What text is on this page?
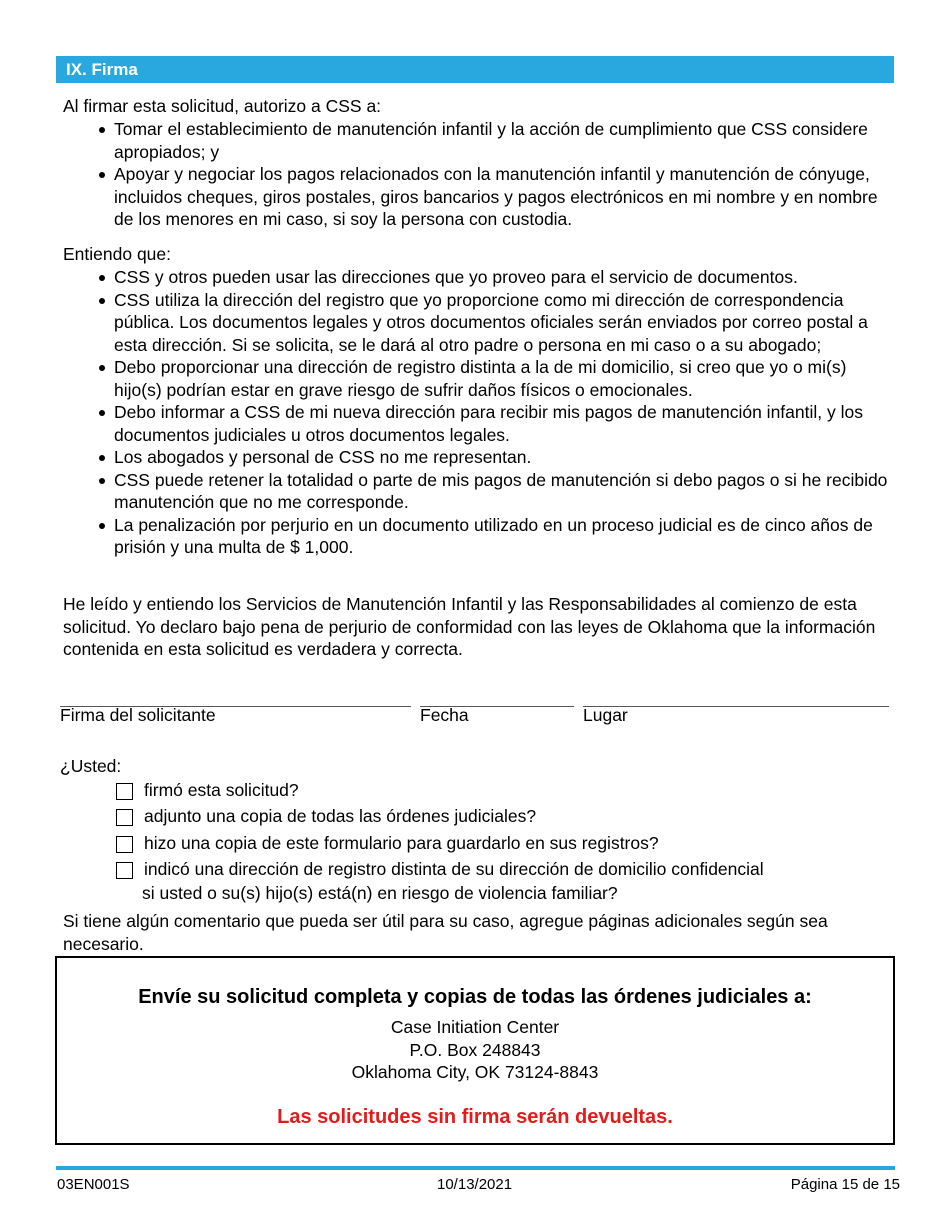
IX. Firma

Al firmar esta solicitud, autorizo a CSS a:

Tomar el establecimiento de manutención infantil y la acción de cumplimiento que CSS considere apropiados; y
Apoyar y negociar los pagos relacionados con la manutención infantil y manutención de cónyuge, incluidos cheques, giros postales, giros bancarios y pagos electrónicos en mi nombre y en nombre de los menores en mi caso, si soy la persona con custodia.

Entiendo que:

CSS y otros pueden usar las direcciones que yo proveo para el servicio de documentos.
CSS utiliza la dirección del registro que yo proporcione como mi dirección de correspondencia pública. Los documentos legales y otros documentos oficiales serán enviados por correo postal a esta dirección. Si se solicita, se le dará al otro padre o persona en mi caso o a su abogado;
Debo proporcionar una dirección de registro distinta a la de mi domicilio, si creo que yo o mi(s) hijo(s) podrían estar en grave riesgo de sufrir daños físicos o emocionales.
Debo informar a CSS de mi nueva dirección para recibir mis pagos de manutención infantil, y los documentos judiciales u otros documentos legales.
Los abogados y personal de CSS no me representan.
CSS puede retener la totalidad o parte de mis pagos de manutención si debo pagos o si he recibido manutención que no me corresponde.
La penalización por perjurio en un documento utilizado en un proceso judicial es de cinco años de prisión y una multa de $ 1,000.

He leído y entiendo los Servicios de Manutención Infantil y las Responsabilidades al comienzo de esta solicitud. Yo declaro bajo pena de perjurio de conformidad con las leyes de Oklahoma que la información contenida en esta solicitud es verdadera y correcta.

Firma del solicitante	Fecha	Lugar
¿Usted:
firmó esta solicitud?
adjunto una copia de todas las órdenes judiciales?
hizo una copia de este formulario para guardarlo en sus registros?
indicó una dirección de registro distinta de su dirección de domicilio confidencial
si usted o su(s) hijo(s) está(n) en riesgo de violencia familiar?

Si tiene algún comentario que pueda ser útil para su caso, agregue páginas adicionales según sea necesario.

Envíe su solicitud completa y copias de todas las órdenes judiciales a:
Case Initiation Center
P.O. Box 248843
Oklahoma City, OK 73124-8843
Las solicitudes sin firma serán devueltas.
03EN001S	10/13/2021	Página 15 de 15
